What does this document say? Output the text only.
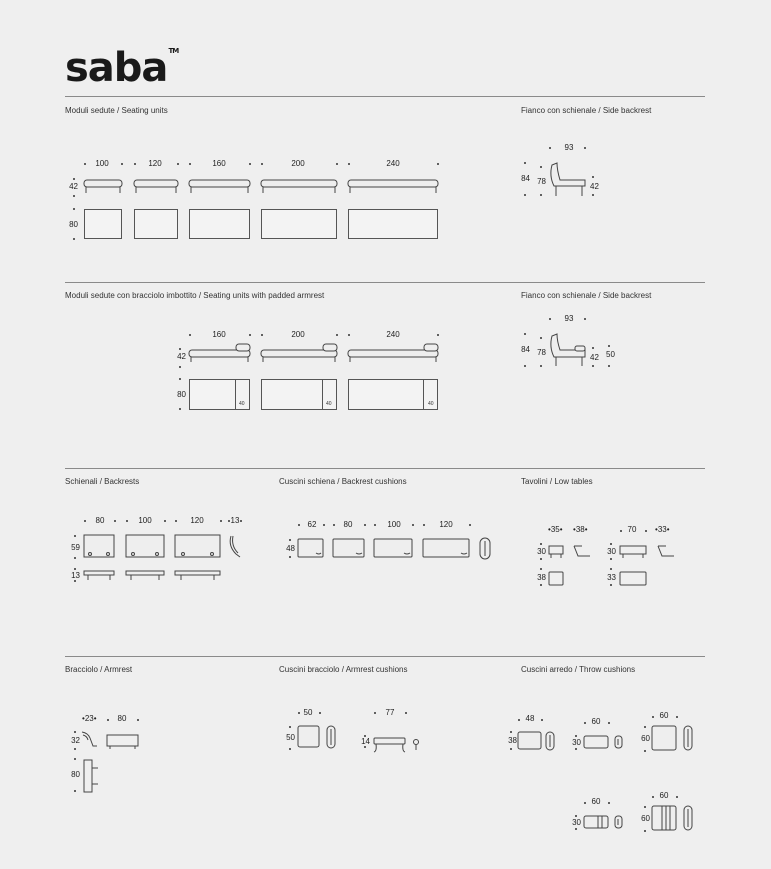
saba™
Moduli sedute / Seating units	Fianco con schienale / Side backrest
Moduli sedute con bracciolo imbottito / Seating units with padded armrest	Fianco con schienale / Side backrest
Schienali / Backrests	Cuscini schiena / Backrest cushions	Tavolini / Low tables
Bracciolo / Armrest	Cuscini bracciolo / Armrest cushions	Cuscini arredo / Throw cushions
100	120	160	200	240
42
80
93
84 78
42
160	200	240
42
80
40	40	40
93
84 78
42 50
80	100	120	13
59
13
62	80	100	120
48
•35• •38•	70	•33•
30	30
38	33
•23•	80
32
80
50
50
77
14
48
38
60
30
60
60
60
30
60
60
